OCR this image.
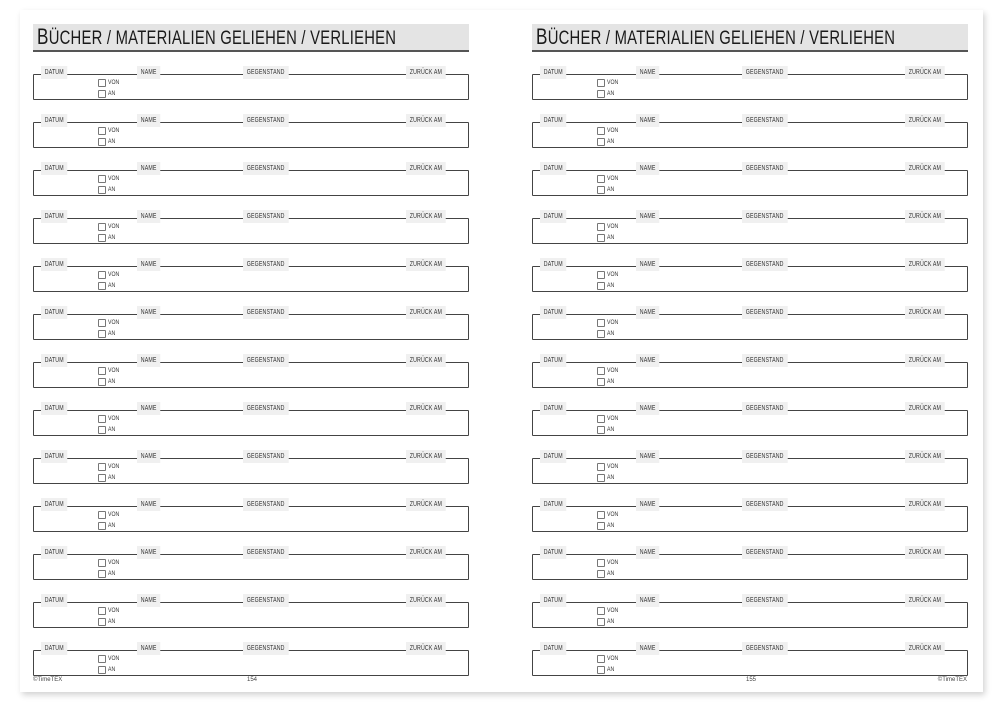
BÜCHER / MATERIALIEN GELIEHEN / VERLIEHEN
DATUM	NAME	GEGENSTAND	ZURÜCK AM
VON
AN
DATUM	NAME	GEGENSTAND	ZURÜCK AM
VON
AN
DATUM	NAME	GEGENSTAND	ZURÜCK AM
VON
AN
DATUM	NAME	GEGENSTAND	ZURÜCK AM
VON
AN
DATUM	NAME	GEGENSTAND	ZURÜCK AM
VON
AN
DATUM	NAME	GEGENSTAND	ZURÜCK AM
VON
AN
DATUM	NAME	GEGENSTAND	ZURÜCK AM
VON
AN
DATUM	NAME	GEGENSTAND	ZURÜCK AM
VON
AN
DATUM	NAME	GEGENSTAND	ZURÜCK AM
VON
AN
DATUM	NAME	GEGENSTAND	ZURÜCK AM
VON
AN
DATUM	NAME	GEGENSTAND	ZURÜCK AM
VON
AN
DATUM	NAME	GEGENSTAND	ZURÜCK AM
VON
AN
DATUM	NAME	GEGENSTAND	ZURÜCK AM
VON
AN
©TimeTEX	154
BÜCHER / MATERIALIEN GELIEHEN / VERLIEHEN
DATUM	NAME	GEGENSTAND	ZURÜCK AM
VON
AN
DATUM	NAME	GEGENSTAND	ZURÜCK AM
VON
AN
DATUM	NAME	GEGENSTAND	ZURÜCK AM
VON
AN
DATUM	NAME	GEGENSTAND	ZURÜCK AM
VON
AN
DATUM	NAME	GEGENSTAND	ZURÜCK AM
VON
AN
DATUM	NAME	GEGENSTAND	ZURÜCK AM
VON
AN
DATUM	NAME	GEGENSTAND	ZURÜCK AM
VON
AN
DATUM	NAME	GEGENSTAND	ZURÜCK AM
VON
AN
DATUM	NAME	GEGENSTAND	ZURÜCK AM
VON
AN
DATUM	NAME	GEGENSTAND	ZURÜCK AM
VON
AN
DATUM	NAME	GEGENSTAND	ZURÜCK AM
VON
AN
DATUM	NAME	GEGENSTAND	ZURÜCK AM
VON
AN
DATUM	NAME	GEGENSTAND	ZURÜCK AM
VON
AN
155	©TimeTEX
